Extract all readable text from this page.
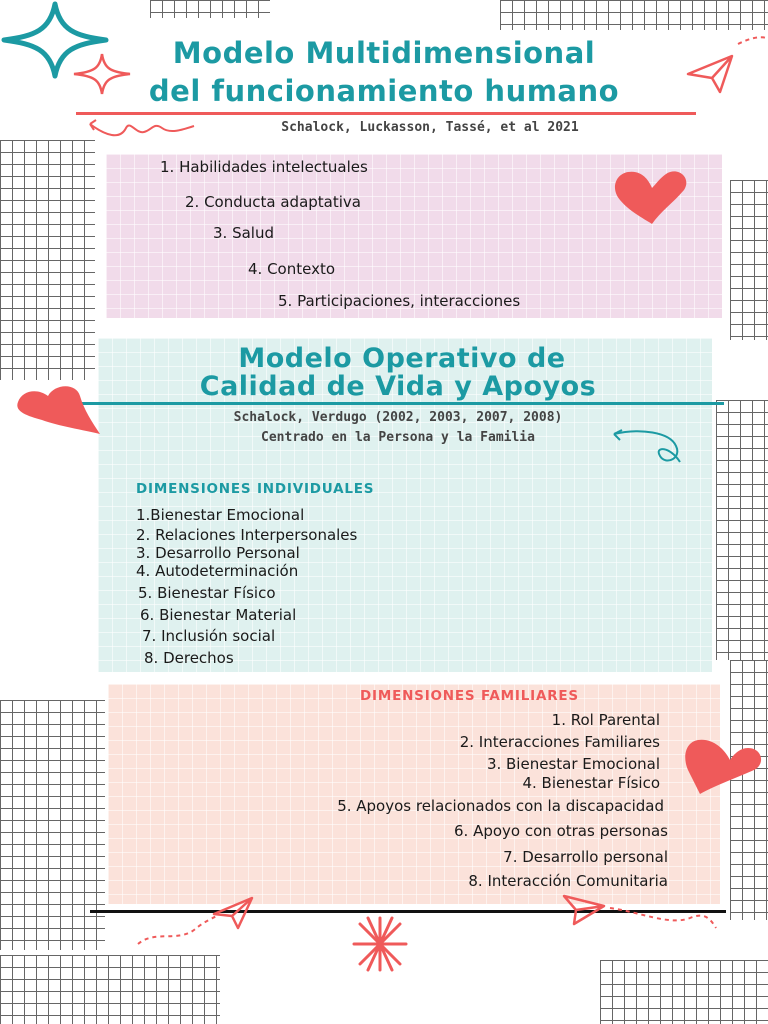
Modelo Multidimensional
del funcionamiento humano
Schalock, Luckasson, Tassé, et al 2021
1. Habilidades intelectuales
2. Conducta adaptativa
3. Salud
4. Contexto
5. Participaciones, interacciones
Modelo Operativo de
Calidad de Vida y Apoyos
Schalock, Verdugo (2002, 2003, 2007, 2008)
Centrado en la Persona y la Familia
DIMENSIONES INDIVIDUALES
1.Bienestar Emocional
2. Relaciones Interpersonales
3. Desarrollo Personal
4. Autodeterminación
5. Bienestar Físico
6. Bienestar Material
7. Inclusión social
8. Derechos
DIMENSIONES FAMILIARES
1. Rol Parental
2. Interacciones Familiares
3. Bienestar Emocional
4. Bienestar Físico
5. Apoyos relacionados con la discapacidad
6. Apoyo con otras personas
7. Desarrollo personal
8. Interacción Comunitaria
